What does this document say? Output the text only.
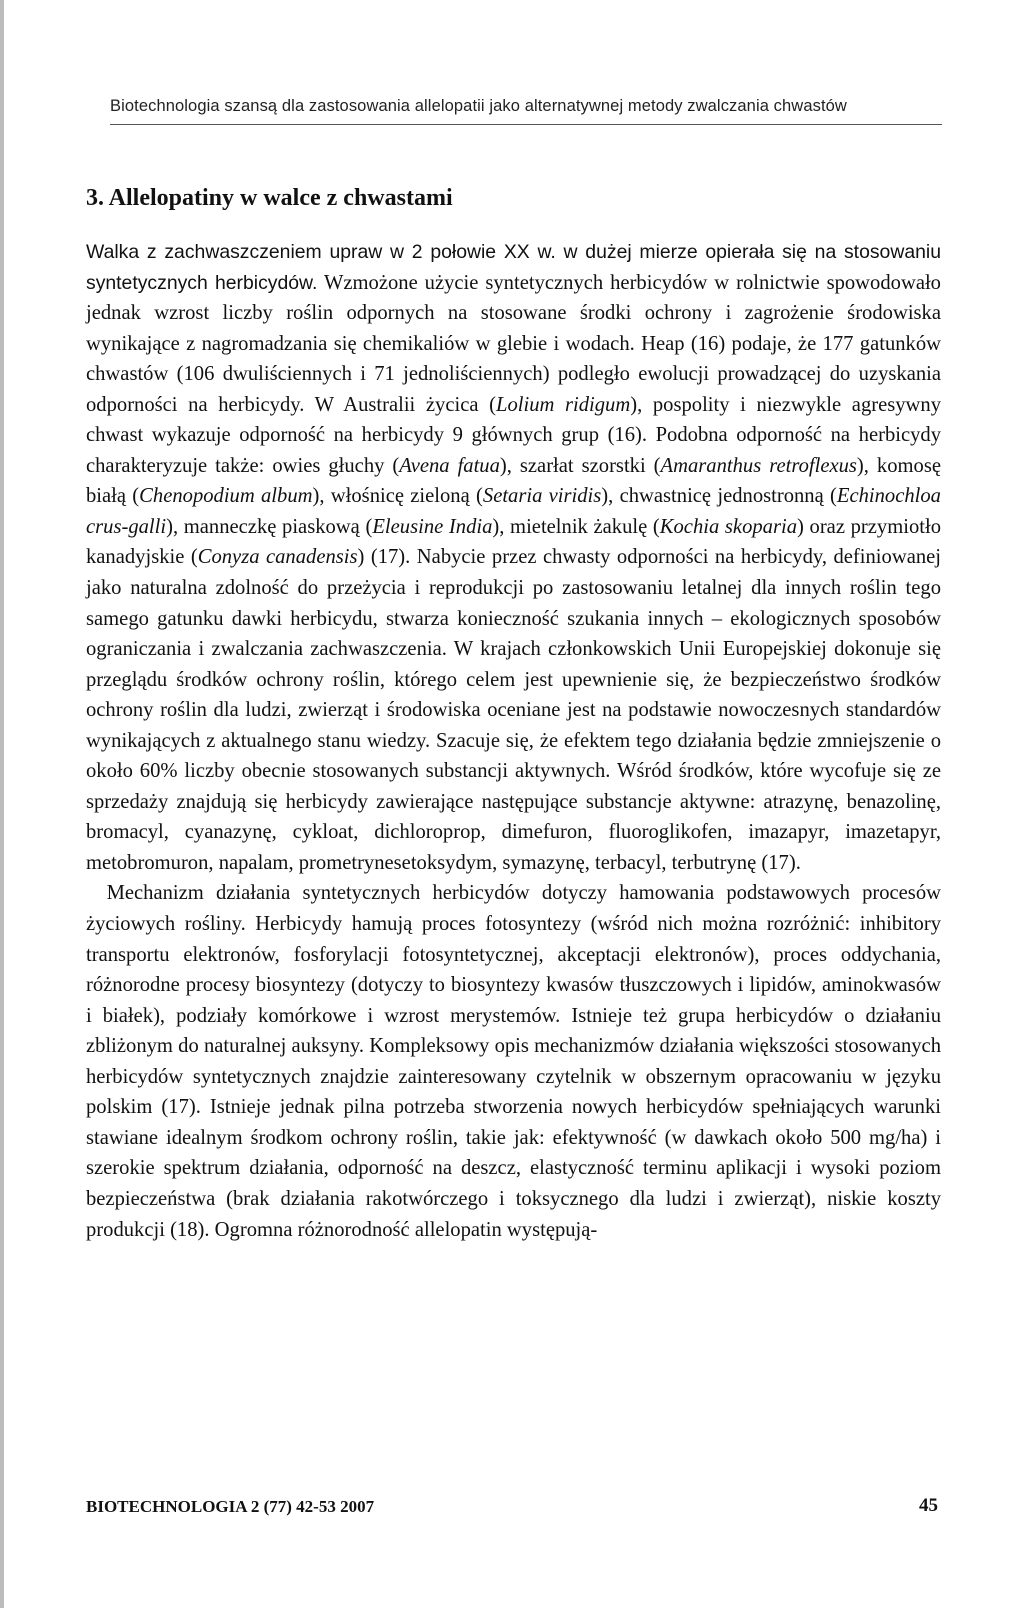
Biotechnologia szansą dla zastosowania allelopatii jako alternatywnej metody zwalczania chwastów
3. Allelopatiny w walce z chwastami

Walka z zachwaszczeniem upraw w 2 połowie XX w. w dużej mierze opierała się na stosowaniu syntetycznych herbicydów. Wzmożone użycie syntetycznych herbicydów w rolnictwie spowodowało jednak wzrost liczby roślin odpornych na stosowane środki ochrony i zagrożenie środowiska wynikające z nagromadzania się chemikaliów w glebie i wodach. Heap (16) podaje, że 177 gatunków chwastów (106 dwuliściennych i 71 jednoliściennych) podległo ewolucji prowadzącej do uzyskania odporności na herbicydy. W Australii życica (Lolium ridigum), pospolity i niezwykle agresywny chwast wykazuje odporność na herbicydy 9 głównych grup (16). Podobna odporność na herbicydy charakteryzuje także: owies głuchy (Avena fatua), szarłat szorstki (Amaranthus retroflexus), komosę białą (Chenopodium album), włośnicę zieloną (Setaria viridis), chwastnicę jednostronną (Echinochloa crus-galli), manneczkę piaskową (Eleusine India), mietelnik żakulę (Kochia skoparia) oraz przymiotło kanadyjskie (Conyza canadensis) (17). Nabycie przez chwasty odporności na herbicydy, definiowanej jako naturalna zdolność do przeżycia i reprodukcji po zastosowaniu letalnej dla innych roślin tego samego gatunku dawki herbicydu, stwarza konieczność szukania innych – ekologicznych sposobów ograniczania i zwalczania zachwaszczenia. W krajach członkowskich Unii Europejskiej dokonuje się przeglądu środków ochrony roślin, którego celem jest upewnienie się, że bezpieczeństwo środków ochrony roślin dla ludzi, zwierząt i środowiska oceniane jest na podstawie nowoczesnych standardów wynikających z aktualnego stanu wiedzy. Szacuje się, że efektem tego działania będzie zmniejszenie o około 60% liczby obecnie stosowanych substancji aktywnych. Wśród środków, które wycofuje się ze sprzedaży znajdują się herbicydy zawierające następujące substancje aktywne: atrazynę, benazolinę, bromacyl, cyanazynę, cykloat, dichloroprop, dimefuron, fluoroglikofen, imazapyr, imazetapyr, metobromuron, napalam, prometrynesetoksydym, symazynę, terbacyl, terbutrynę (17).

 Mechanizm działania syntetycznych herbicydów dotyczy hamowania podstawowych procesów życiowych rośliny. Herbicydy hamują proces fotosyntezy (wśród nich można rozróżnić: inhibitory transportu elektronów, fosforylacji fotosyntetycznej, akceptacji elektronów), proces oddychania, różnorodne procesy biosyntezy (dotyczy to biosyntezy kwasów tłuszczowych i lipidów, aminokwasów i białek), podziały komórkowe i wzrost merystemów. Istnieje też grupa herbicydów o działaniu zbliżonym do naturalnej auksyny. Kompleksowy opis mechanizmów działania większości stosowanych herbicydów syntetycznych znajdzie zainteresowany czytelnik w obszernym opracowaniu w języku polskim (17). Istnieje jednak pilna potrzeba stworzenia nowych herbicydów spełniających warunki stawiane idealnym środkom ochrony roślin, takie jak: efektywność (w dawkach około 500 mg/ha) i szerokie spektrum działania, odporność na deszcz, elastyczność terminu aplikacji i wysoki poziom bezpieczeństwa (brak działania rakotwórczego i toksycznego dla ludzi i zwierząt), niskie koszty produkcji (18). Ogromna różnorodność allelopatin występują-

BIOTECHNOLOGIA 2 (77) 42-53 2007	45
